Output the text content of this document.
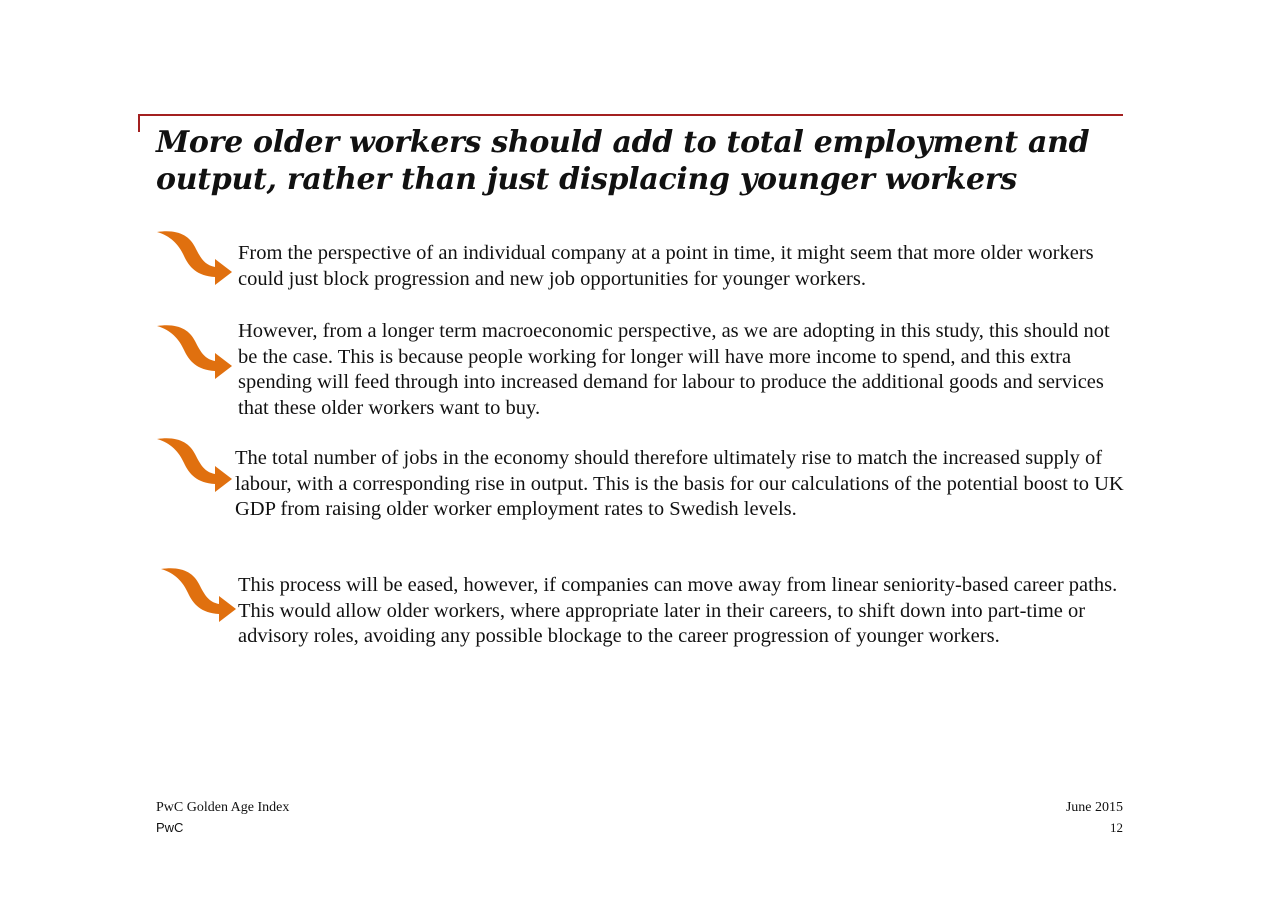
More older workers should add to total employment and output, rather than just displacing younger workers

From the perspective of an individual company at a point in time, it might seem that more older workers could just block progression and new job opportunities for younger workers.

However, from a longer term macroeconomic perspective, as we are adopting in this study, this should not be the case. This is because people working for longer will have more income to spend, and this extra spending will feed through into increased demand for labour to produce the additional goods and services that these older workers want to buy.

The total number of jobs in the economy should therefore ultimately rise to match the increased supply of labour, with a corresponding rise in output. This is the basis for our calculations of the potential boost to UK GDP from raising older worker employment rates to Swedish levels.

This process will be eased, however, if companies can move away from linear seniority-based career paths. This would allow older workers, where appropriate later in their careers, to shift down into part-time or advisory roles, avoiding any possible blockage to the career progression of younger workers.

PwC Golden Age Index
PwC
June 2015
12
